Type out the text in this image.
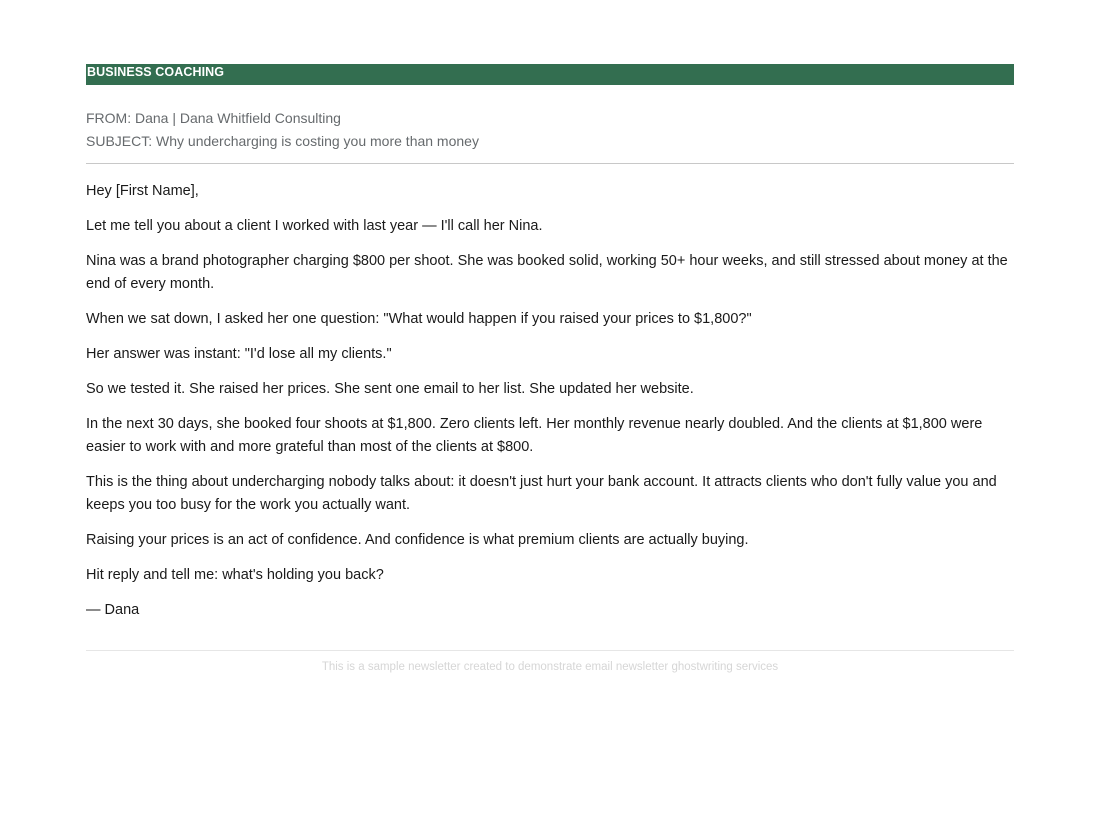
BUSINESS COACHING
FROM: Dana | Dana Whitfield Consulting
SUBJECT: Why undercharging is costing you more than money

Hey [First Name],

Let me tell you about a client I worked with last year — I'll call her Nina.

Nina was a brand photographer charging $800 per shoot. She was booked solid, working 50+ hour weeks, and still stressed about money at the end of every month.

When we sat down, I asked her one question: "What would happen if you raised your prices to $1,800?"

Her answer was instant: "I'd lose all my clients."

So we tested it. She raised her prices. She sent one email to her list. She updated her website.

In the next 30 days, she booked four shoots at $1,800. Zero clients left. Her monthly revenue nearly doubled. And the clients at $1,800 were easier to work with and more grateful than most of the clients at $800.

This is the thing about undercharging nobody talks about: it doesn't just hurt your bank account. It attracts clients who don't fully value you and keeps you too busy for the work you actually want.

Raising your prices is an act of confidence. And confidence is what premium clients are actually buying.

Hit reply and tell me: what's holding you back?

— Dana

This is a sample newsletter created to demonstrate email newsletter ghostwriting services
